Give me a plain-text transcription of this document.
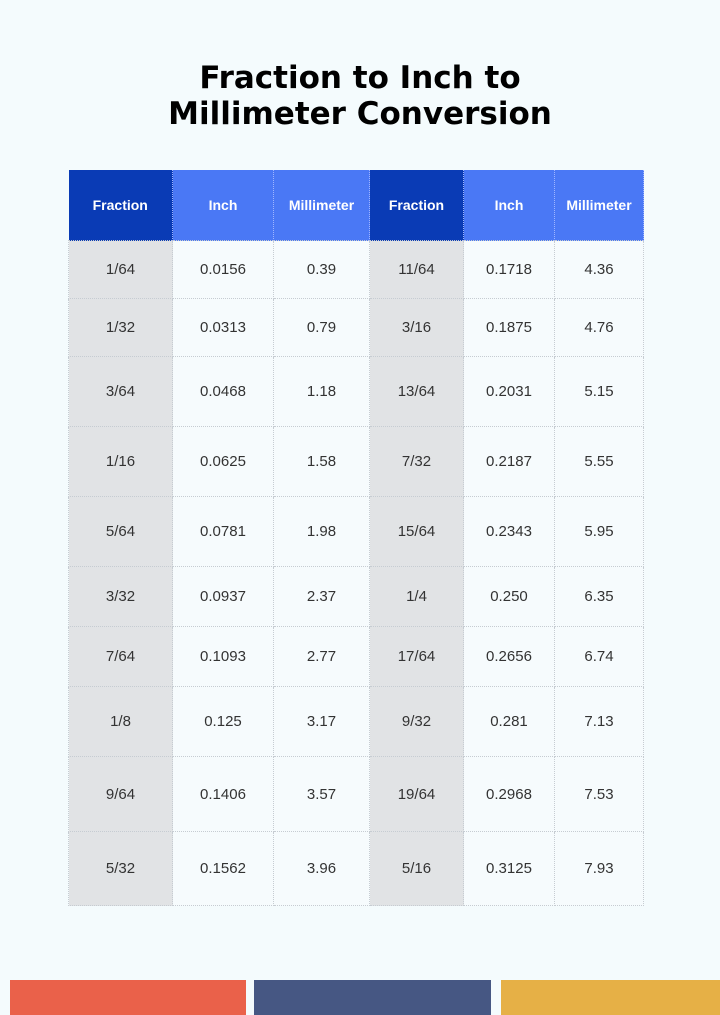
Fraction to Inch to
Millimeter Conversion
Fraction	Inch	Millimeter	Fraction	Inch	Millimeter
1/64	0.0156	0.39	11/64	0.1718	4.36
1/32	0.0313	0.79	3/16	0.1875	4.76
3/64	0.0468	1.18	13/64	0.2031	5.15
1/16	0.0625	1.58	7/32	0.2187	5.55
5/64	0.0781	1.98	15/64	0.2343	5.95
3/32	0.0937	2.37	1/4	0.250	6.35
7/64	0.1093	2.77	17/64	0.2656	6.74
1/8	0.125	3.17	9/32	0.281	7.13
9/64	0.1406	3.57	19/64	0.2968	7.53
5/32	0.1562	3.96	5/16	0.3125	7.93
